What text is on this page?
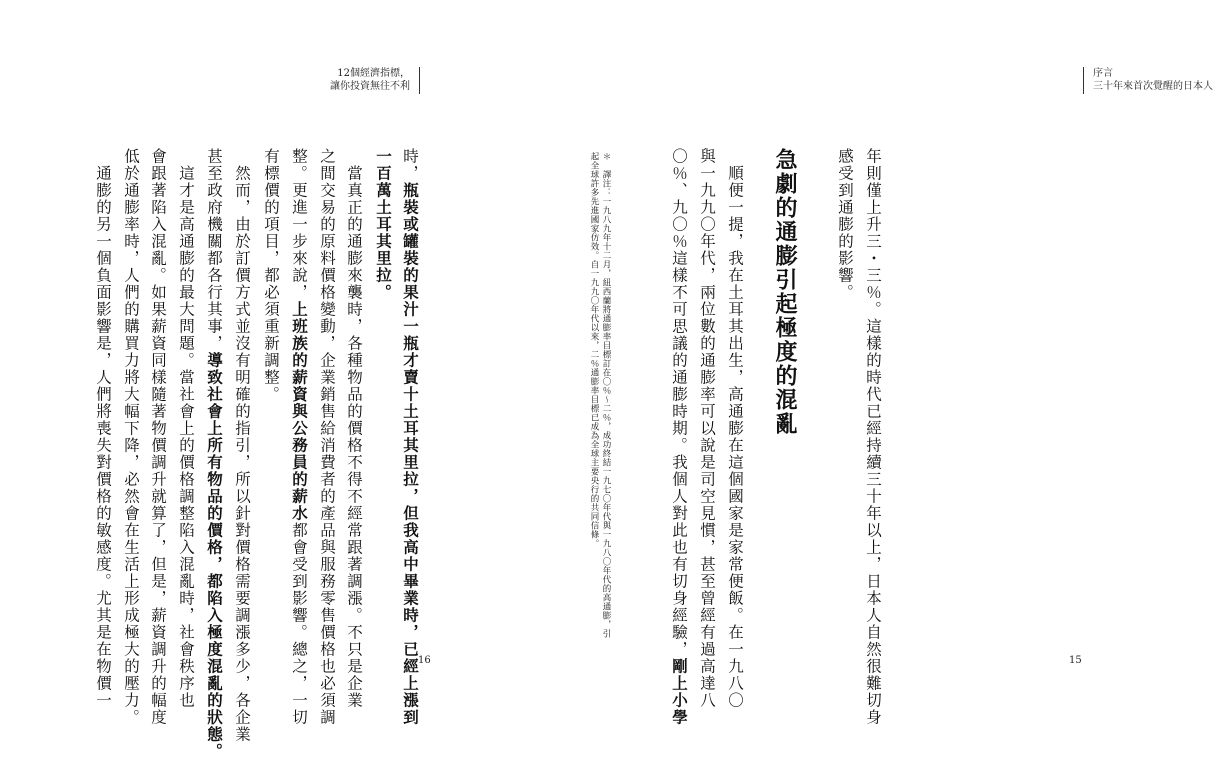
12個經濟指標，
讓你投資無往不利
時，瓶裝或罐裝的果汁一瓶才賣十土耳其里拉，但我高中畢業時，已經上漲到
一百萬土耳其里拉。
　當真正的通膨來襲時，各種物品的價格不得不經常跟著調漲。不只是企業
之間交易的原料價格變動，企業銷售給消費者的產品與服務零售價格也必須調
整。更進一步來說，上班族的薪資與公務員的薪水都會受到影響。總之，一切
有標價的項目，都必須重新調整。
　然而，由於訂價方式並沒有明確的指引，所以針對價格需要調漲多少，各企業
甚至政府機關都各行其事，導致社會上所有物品的價格，都陷入極度混亂的狀態。
　這才是高通膨的最大問題。當社會上的價格調整陷入混亂時，社會秩序也
會跟著陷入混亂。如果薪資同樣隨著物價調升就算了，但是，薪資調升的幅度
低於通膨率時，人們的購買力將大幅下降，必然會在生活上形成極大的壓力。
　通膨的另一個負面影響是，人們將喪失對價格的敏感度。尤其是在物價一	16
序言
三十年來首次覺醒的日本人
年則僅上升三・三％。這樣的時代已經持續三十年以上，日本人自然很難切身
感受到通膨的影響。
急劇的通膨引起極度的混亂
　順便一提，我在土耳其出生，高通膨在這個國家是家常便飯。在一九八〇
與一九九〇年代，兩位數的通膨率可以說是司空見慣，甚至曾經有過高達八
〇％、九〇％這樣不可思議的通膨時期。我個人對此也有切身經驗，剛上小學
＊　譯注：一九八九年十二月，紐西蘭將通膨率目標訂在〇％〜二％，成功終結一九七〇年代與一九八〇年代的高通膨，引
起全球許多先進國家仿效。自一九九〇年代以來，二％通膨率目標已成為全球主要央行的共同信條。
15
